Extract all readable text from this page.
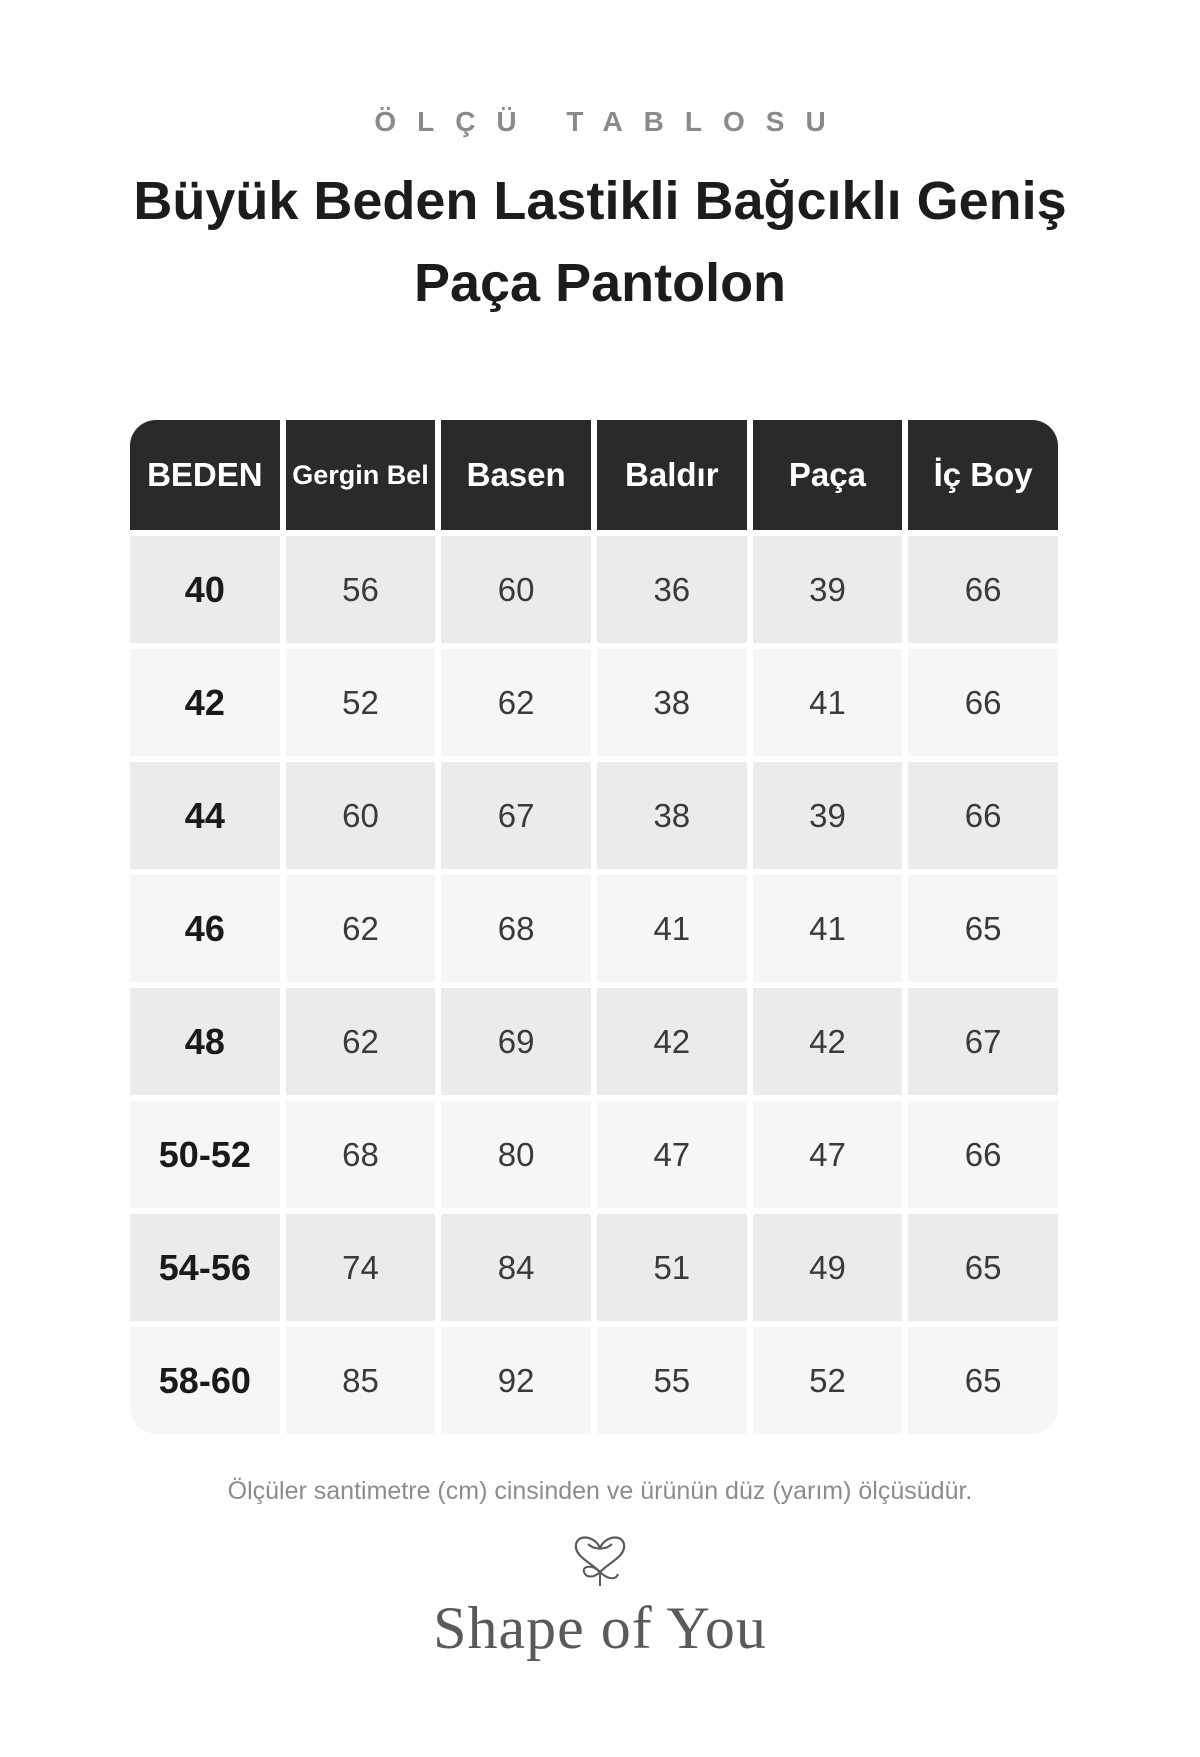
ÖLÇÜ TABLOSU
Büyük Beden Lastikli Bağcıklı Geniş Paça Pantolon
BEDEN	Gergin Bel	Basen	Baldır	Paça	İç Boy
40	56	60	36	39	66
42	52	62	38	41	66
44	60	67	38	39	66
46	62	68	41	41	65
48	62	69	42	42	67
50-52	68	80	47	47	66
54-56	74	84	51	49	65
58-60	85	92	55	52	65
Ölçüler santimetre (cm) cinsinden ve ürünün düz (yarım) ölçüsüdür.
Shape of You
